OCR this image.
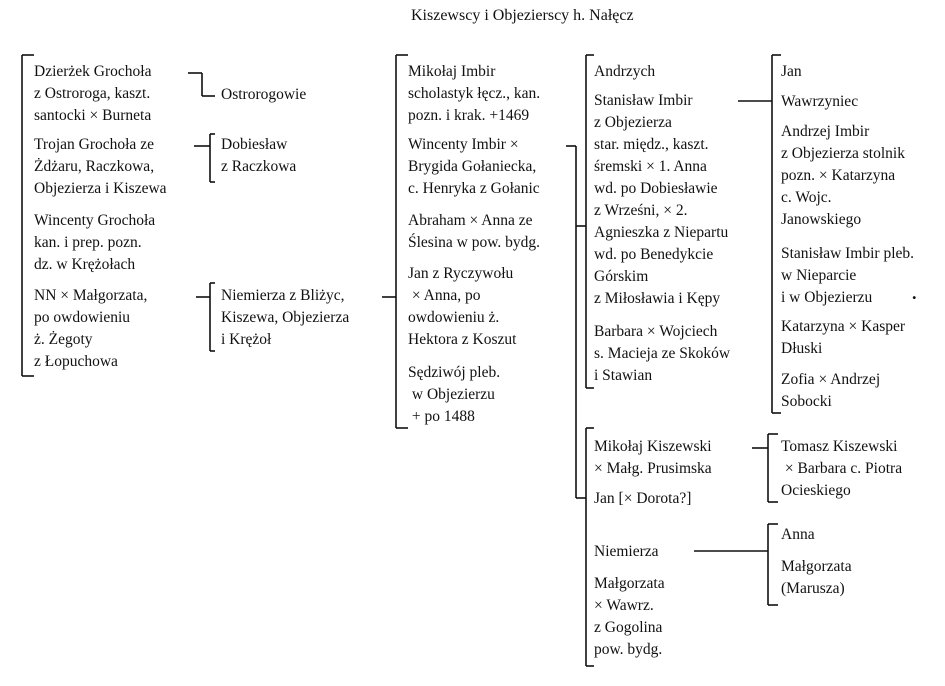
Kiszewscy i Objezierscy h. Nałęcz
Dzierżek Grochoła
z Ostroroga, kaszt.
santocki × Burneta
Trojan Grochoła ze
Żdżaru, Raczkowa,
Objezierza i Kiszewa
Wincenty Grochoła
kan. i prep. pozn.
dz. w Krężołach
NN × Małgorzata,
po owdowieniu
ż. Żegoty
z Łopuchowa
Ostrorogowie
Dobiesław
z Raczkowa
Niemierza z Bliżyc,
Kiszewa, Objezierza
i Krężoł
Mikołaj Imbir
scholastyk łęcz., kan.
pozn. i krak. +1469
Wincenty Imbir ×
Brygida Gołaniecka,
c. Henryka z Gołanic
Abraham × Anna ze
Ślesina w pow. bydg.
Jan z Ryczywołu
× Anna, po
owdowieniu ż.
Hektora z Koszut
Sędziwój pleb.
w Objezierzu
+ po 1488
Andrzych
Stanisław Imbir
z Objezierza
star. międz., kaszt.
śremski × 1. Anna
wd. po Dobiesławie
z Wrześni, × 2.
Agnieszka z Niepartu
wd. po Benedykcie
Górskim
z Miłosławia i Kępy
Barbara × Wojciech
s. Macieja ze Skoków
i Stawian
Mikołaj Kiszewski
× Małg. Prusimska
Jan [× Dorota?]
Niemierza
Małgorzata
× Wawrz.
z Gogolina
pow. bydg.
Jan
Wawrzyniec
Andrzej Imbir
z Objezierza stolnik
pozn. × Katarzyna
c. Wojc.
Janowskiego
Stanisław Imbir pleb.
w Nieparcie
i w Objezierzu	.
Katarzyna × Kasper
Dłuski
Zofia × Andrzej
Sobocki
Tomasz Kiszewski
× Barbara c. Piotra
Ocieskiego
Anna
Małgorzata
(Marusza)
